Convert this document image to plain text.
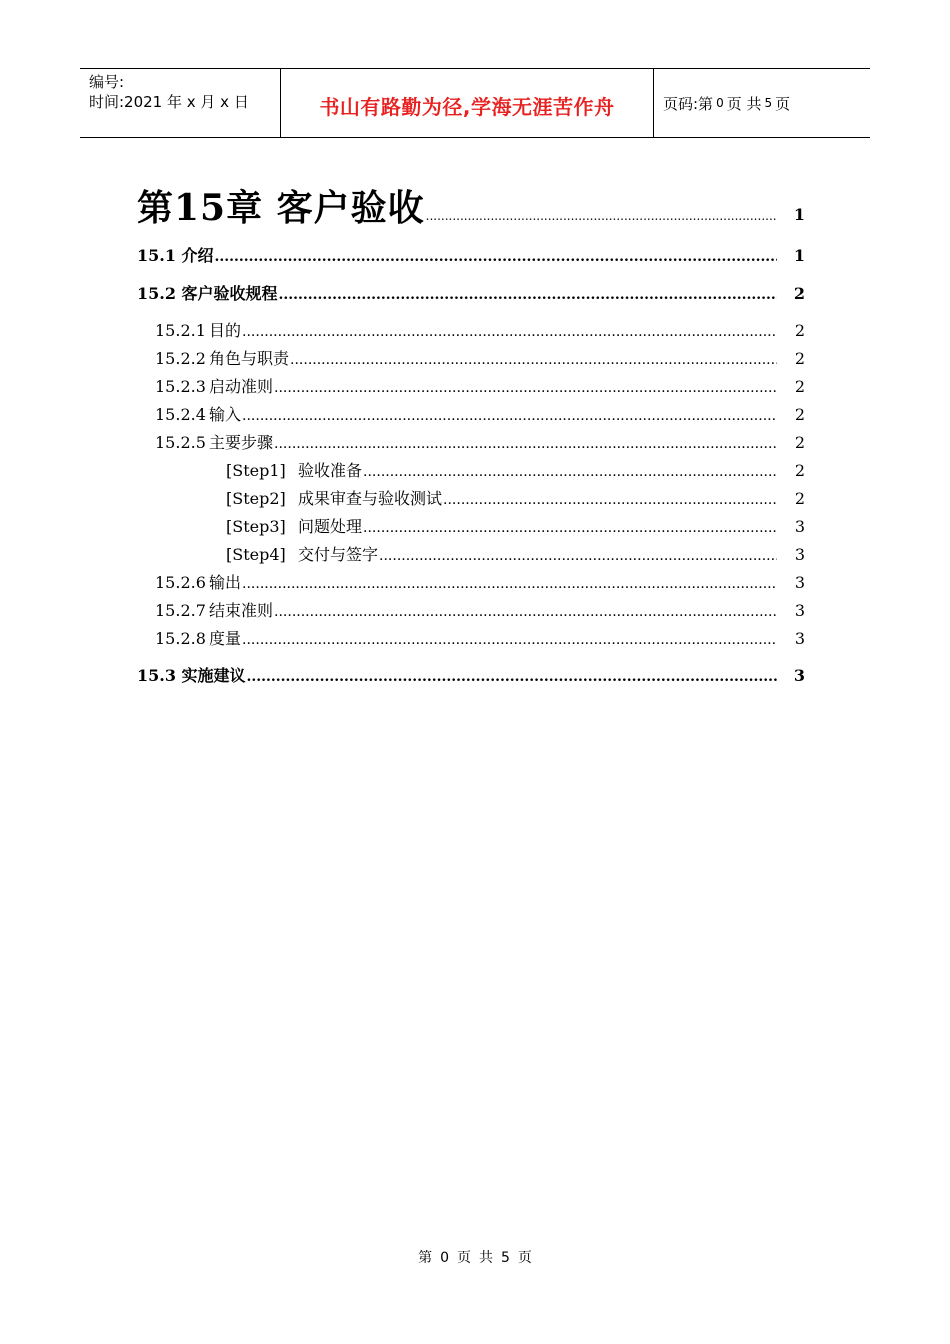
编号:
时间:2021 年 x 月 x 日	书山有路勤为径,学海无涯苦作舟	页码:第 0 页 共 5 页
第15章 客户验收 .....	1
15.1 介绍 .....	1
15.2 客户验收规程 .....	2
15.2.1 目的 .....	2
15.2.2 角色与职责 .....	2
15.2.3 启动准则 .....	2
15.2.4 输入 .....	2
15.2.5 主要步骤 .....	2
[Step1] 验收准备 .....	2
[Step2] 成果审查与验收测试 .....	2
[Step3] 问题处理 .....	3
[Step4] 交付与签字 .....	3
15.2.6 输出 .....	3
15.2.7 结束准则 .....	3
15.2.8 度量 .....	3
15.3 实施建议 .....	3
第 0 页 共 5 页
